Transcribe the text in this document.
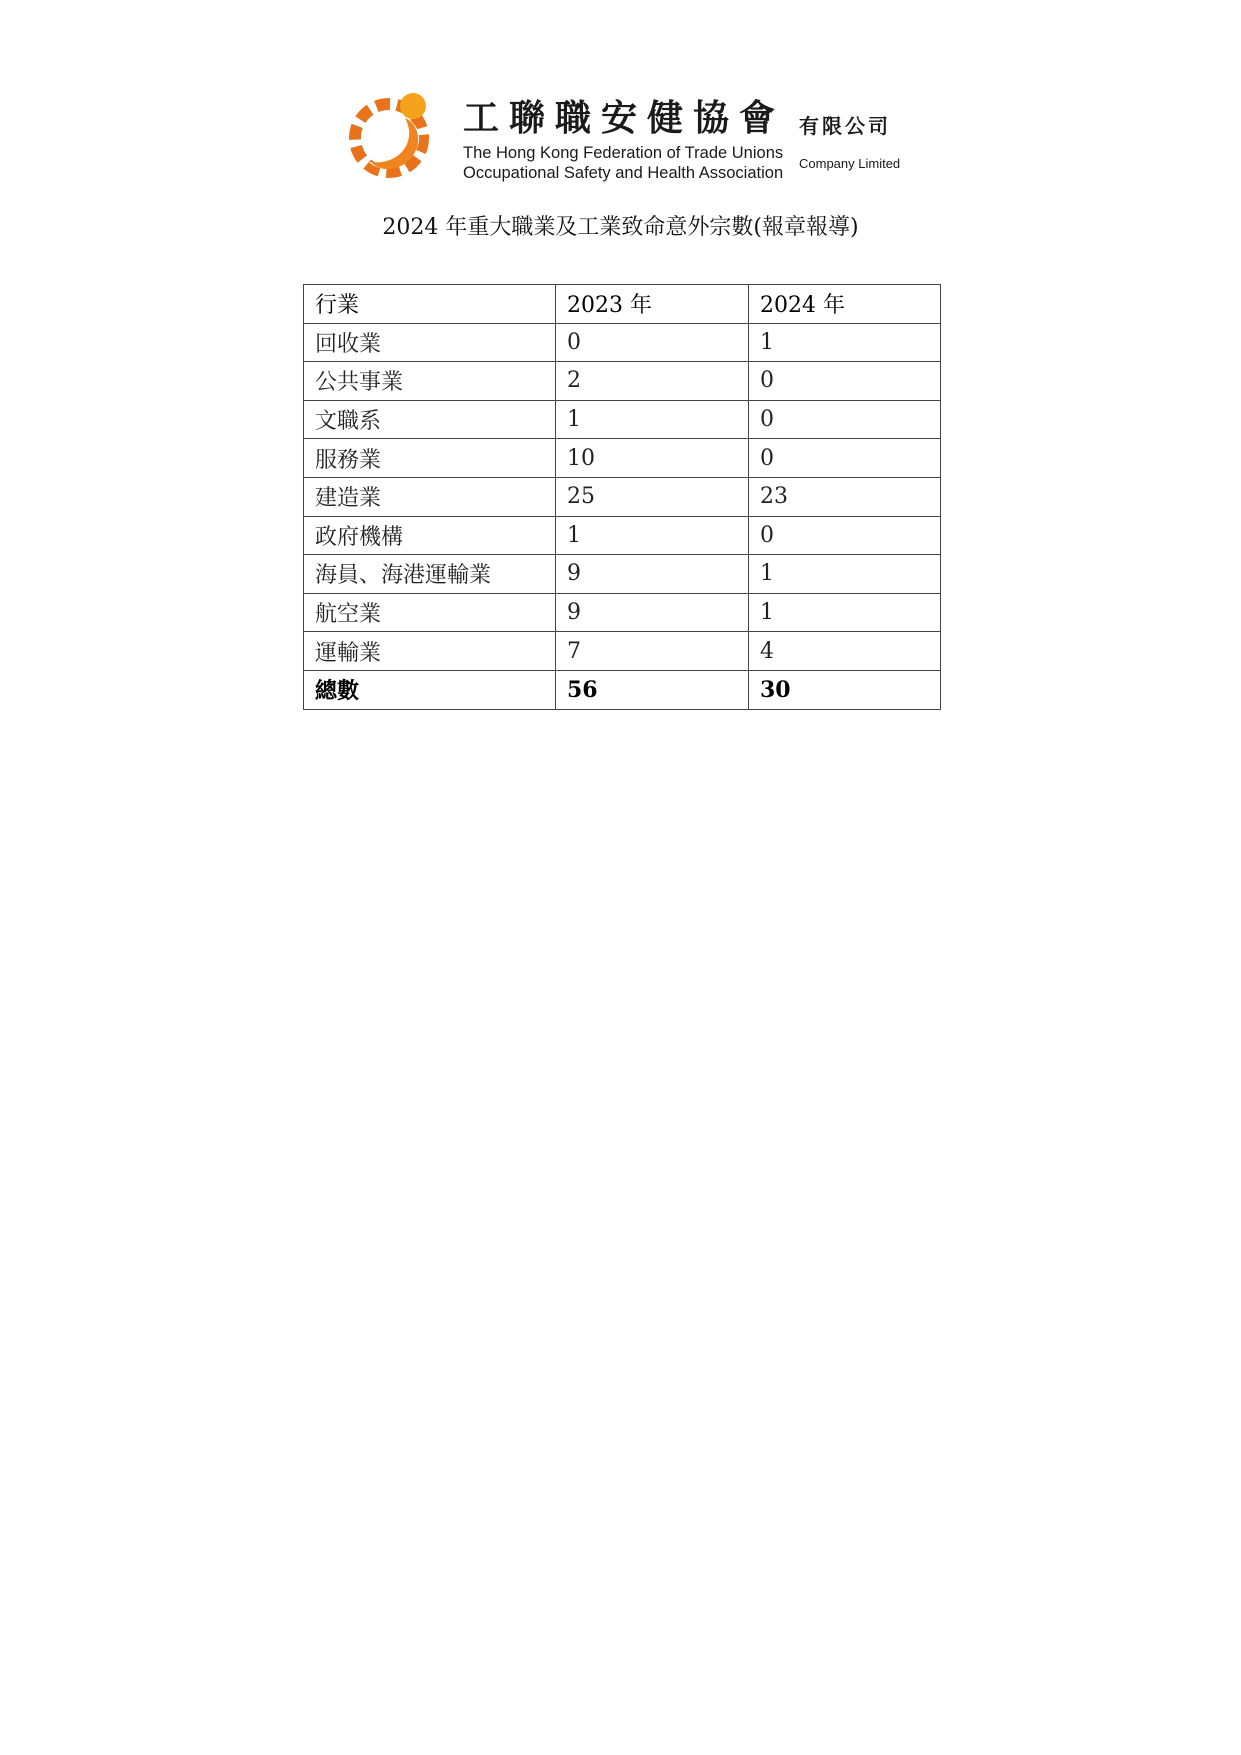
工聯職安健協會 有限公司
The Hong Kong Federation of Trade Unions
Occupational Safety and Health Association
Company Limited
2024 年重大職業及工業致命意外宗數(報章報導)
行業	2023 年	2024 年
回收業	0	1
公共事業	2	0
文職系	1	0
服務業	10	0
建造業	25	23
政府機構	1	0
海員、海港運輸業	9	1
航空業	9	1
運輸業	7	4
總數	56	30
